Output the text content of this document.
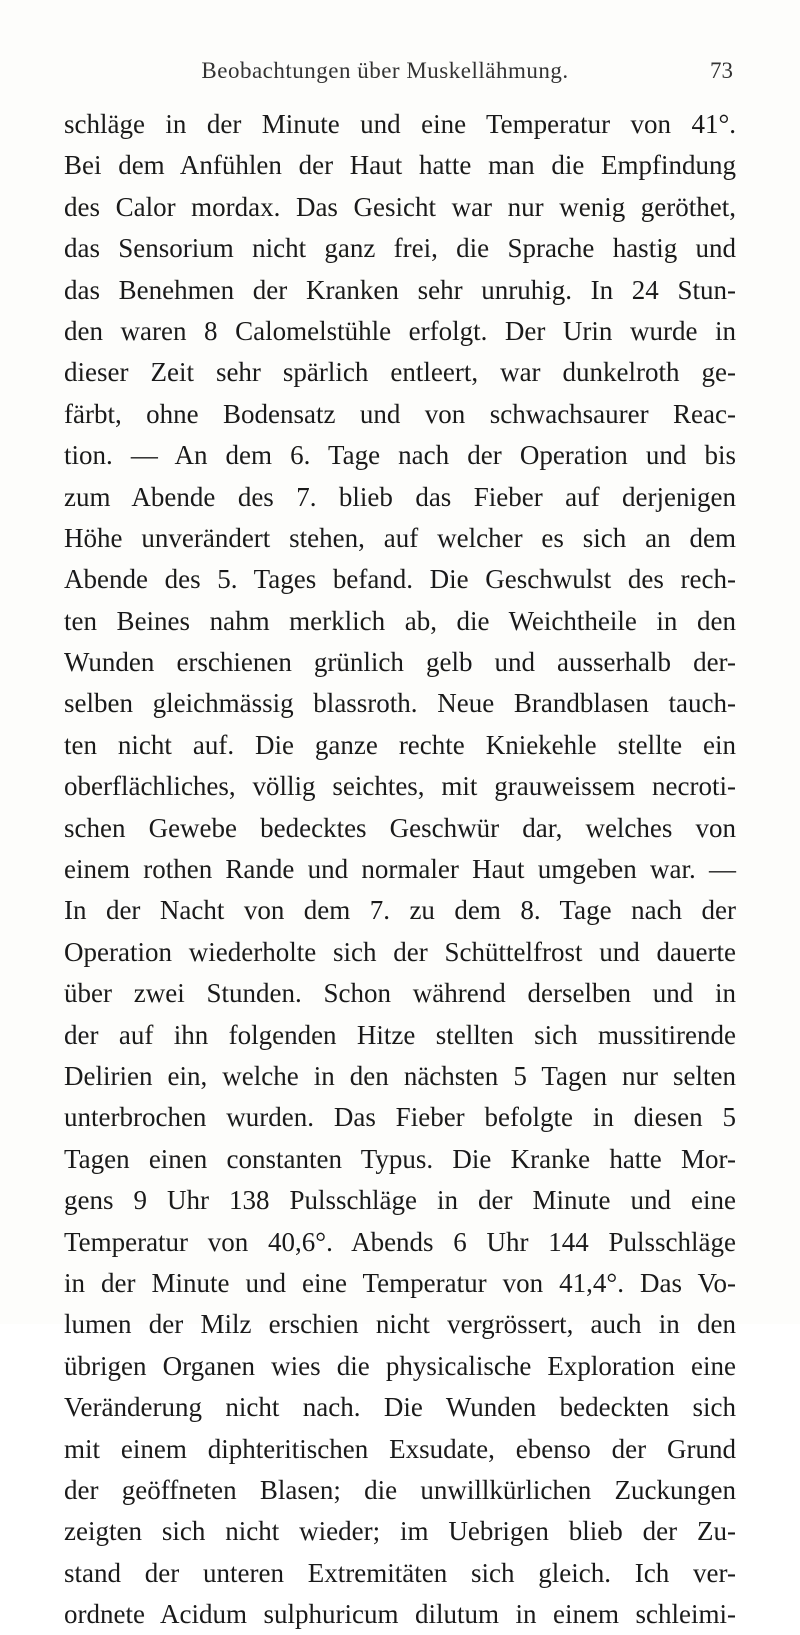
Beobachtungen über Muskellähmung.	73
schläge in der Minute und eine Temperatur von 41°.
Bei dem Anfühlen der Haut hatte man die Empfindung
des Calor mordax. Das Gesicht war nur wenig geröthet,
das Sensorium nicht ganz frei, die Sprache hastig und
das Benehmen der Kranken sehr unruhig. In 24 Stun-
den waren 8 Calomelstühle erfolgt. Der Urin wurde in
dieser Zeit sehr spärlich entleert, war dunkelroth ge-
färbt, ohne Bodensatz und von schwachsaurer Reac-
tion. — An dem 6. Tage nach der Operation und bis
zum Abende des 7. blieb das Fieber auf derjenigen
Höhe unverändert stehen, auf welcher es sich an dem
Abende des 5. Tages befand. Die Geschwulst des rech-
ten Beines nahm merklich ab, die Weichtheile in den
Wunden erschienen grünlich gelb und ausserhalb der-
selben gleichmässig blassroth. Neue Brandblasen tauch-
ten nicht auf. Die ganze rechte Kniekehle stellte ein
oberflächliches, völlig seichtes, mit grauweissem necroti-
schen Gewebe bedecktes Geschwür dar, welches von
einem rothen Rande und normaler Haut umgeben war. —
In der Nacht von dem 7. zu dem 8. Tage nach der
Operation wiederholte sich der Schüttelfrost und dauerte
über zwei Stunden. Schon während derselben und in
der auf ihn folgenden Hitze stellten sich mussitirende
Delirien ein, welche in den nächsten 5 Tagen nur selten
unterbrochen wurden. Das Fieber befolgte in diesen 5
Tagen einen constanten Typus. Die Kranke hatte Mor-
gens 9 Uhr 138 Pulsschläge in der Minute und eine
Temperatur von 40,6°. Abends 6 Uhr 144 Pulsschläge
in der Minute und eine Temperatur von 41,4°. Das Vo-
lumen der Milz erschien nicht vergrössert, auch in den
übrigen Organen wies die physicalische Exploration eine
Veränderung nicht nach. Die Wunden bedeckten sich
mit einem diphteritischen Exsudate, ebenso der Grund
der geöffneten Blasen; die unwillkürlichen Zuckungen
zeigten sich nicht wieder; im Uebrigen blieb der Zu-
stand der unteren Extremitäten sich gleich. Ich ver-
ordnete Acidum sulphuricum dilutum in einem schleimi-
